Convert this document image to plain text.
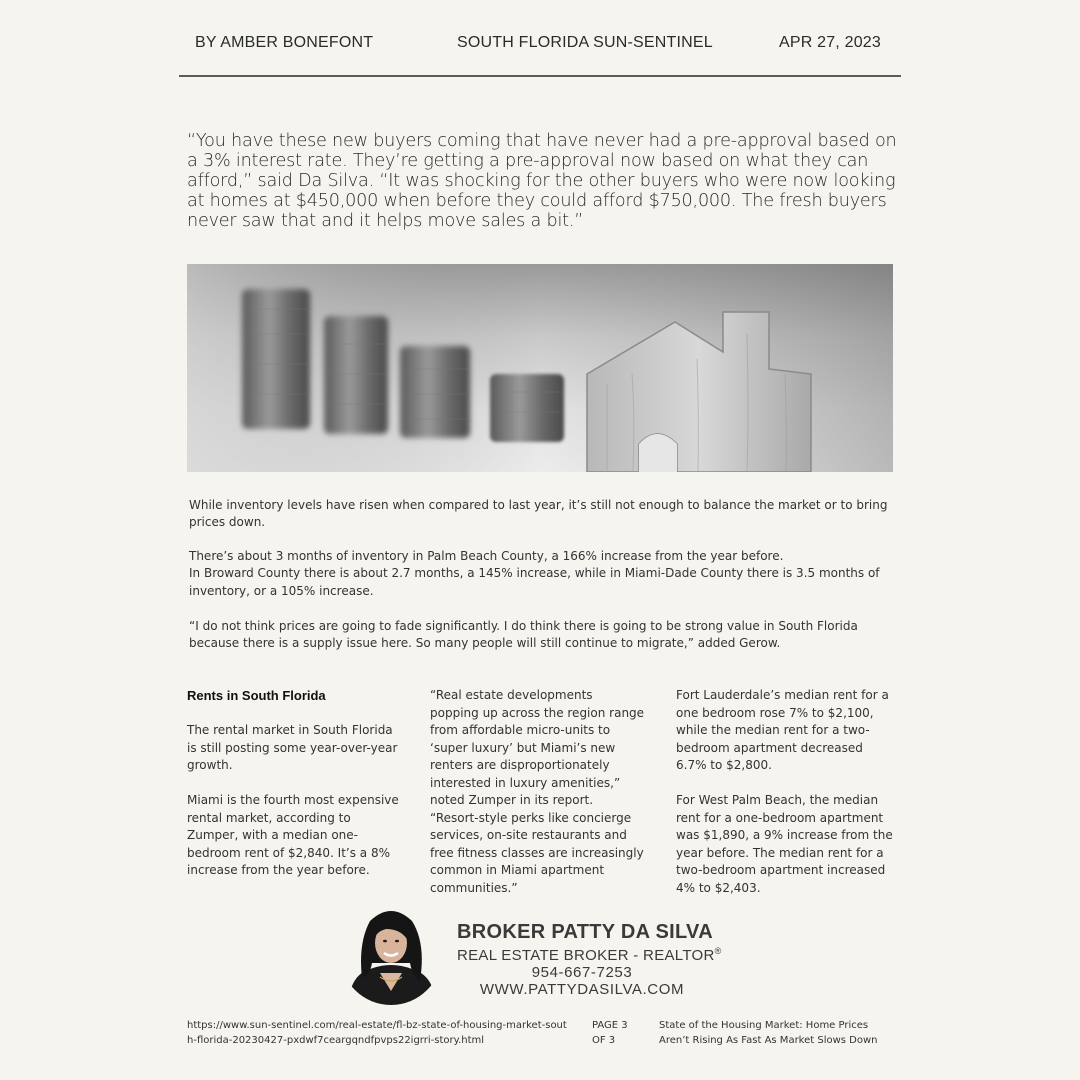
BY AMBER BONEFONT	SOUTH FLORIDA SUN-SENTINEL	APR 27, 2023
“You have these new buyers coming that have never had a pre-approval based on a 3% interest rate. They’re getting a pre-approval now based on what they can afford,” said Da Silva. “It was shocking for the other buyers who were now looking at homes at $450,000 when before they could afford $750,000. The fresh buyers never saw that and it helps move sales a bit.”
While inventory levels have risen when compared to last year, it’s still not enough to balance the market or to bring prices down.
There’s about 3 months of inventory in Palm Beach County, a 166% increase from the year before.
In Broward County there is about 2.7 months, a 145% increase, while in Miami-Dade County there is 3.5 months of inventory, or a 105% increase.
“I do not think prices are going to fade significantly. I do think there is going to be strong value in South Florida because there is a supply issue here. So many people will still continue to migrate,” added Gerow.

Rents in South Florida

The rental market in South Florida is still posting some year-over-year growth.

Miami is the fourth most expensive rental market, according to Zumper, with a median one-bedroom rent of $2,840. It’s a 8% increase from the year before.

“Real estate developments popping up across the region range from affordable micro-units to ‘super luxury’ but Miami’s new renters are disproportionately interested in luxury amenities,” noted Zumper in its report. “Resort-style perks like concierge services, on-site restaurants and free fitness classes are increasingly common in Miami apartment communities.”

Fort Lauderdale’s median rent for a one bedroom rose 7% to $2,100, while the median rent for a two-bedroom apartment decreased 6.7% to $2,800.

For West Palm Beach, the median rent for a one-bedroom apartment was $1,890, a 9% increase from the year before. The median rent for a two-bedroom apartment increased 4% to $2,403.

BROKER PATTY DA SILVA
REAL ESTATE BROKER - REALTOR®
954-667-7253
WWW.PATTYDASILVA.COM
https://www.sun-sentinel.com/real-estate/fl-bz-state-of-housing-market-south-florida-20230427-pxdwf7ceargqndfpvps22igrri-story.html
PAGE 3 OF 3
State of the Housing Market: Home Prices Aren’t Rising As Fast As Market Slows Down
